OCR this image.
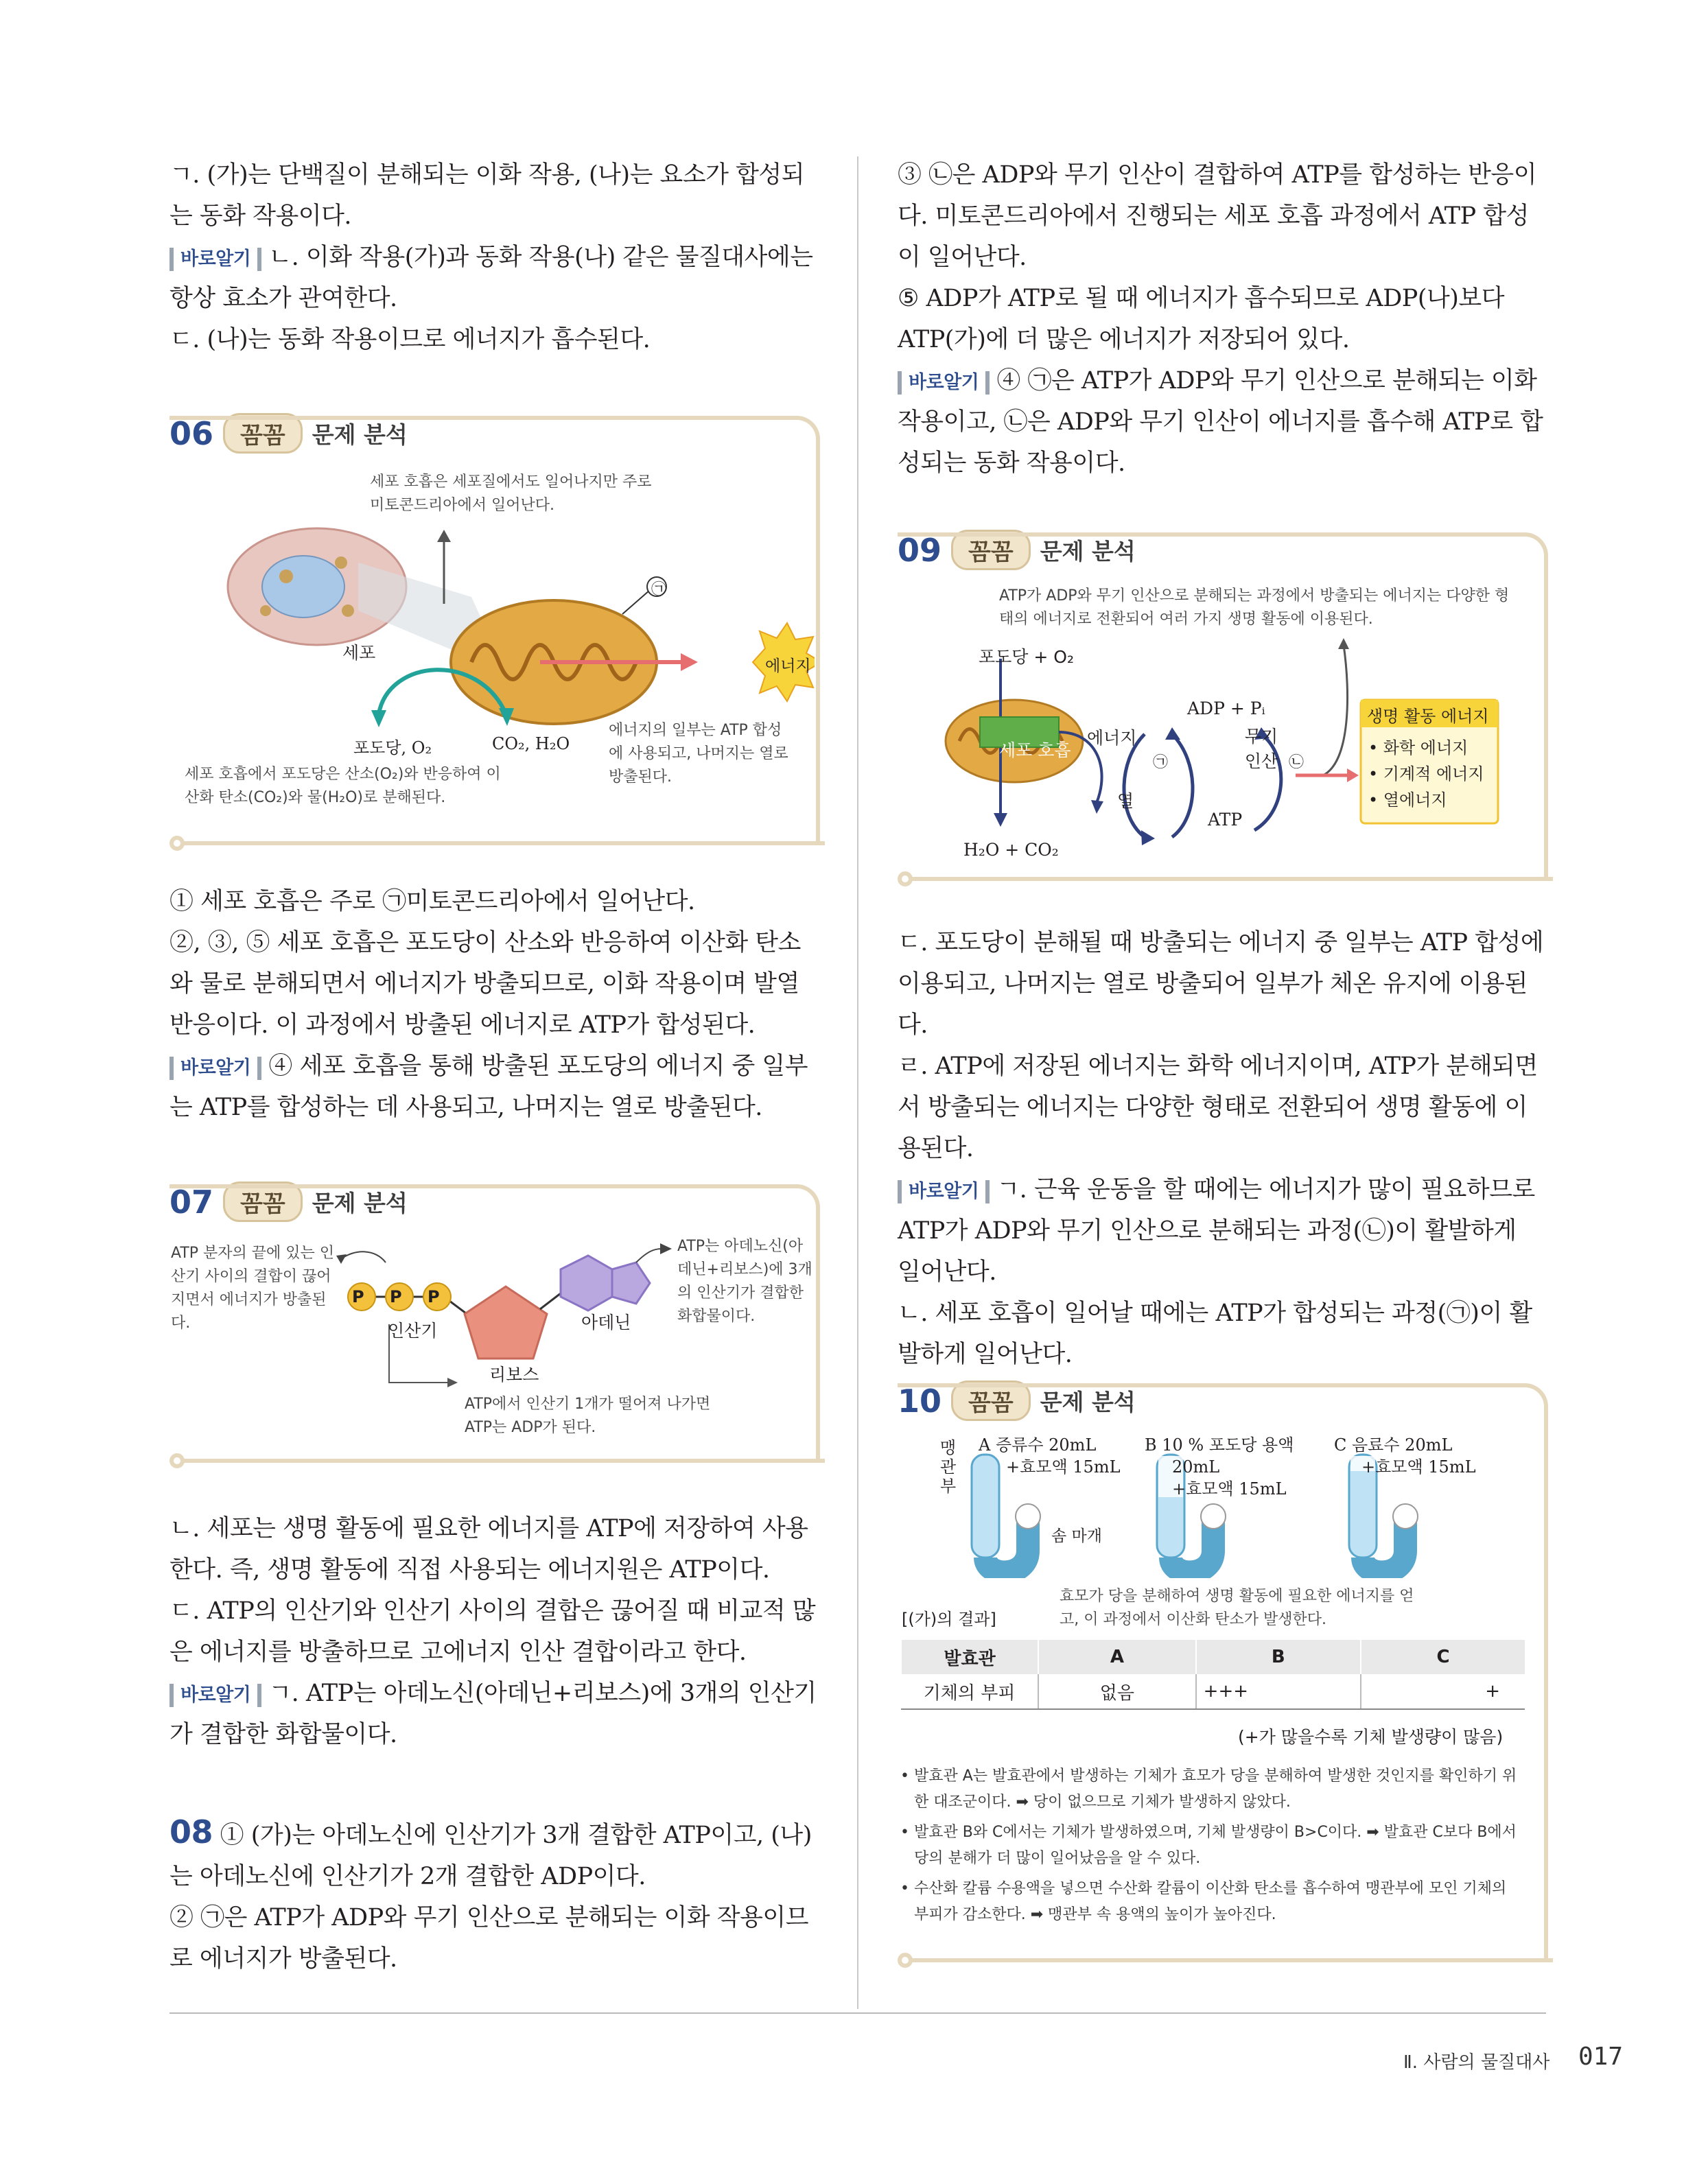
ㄱ. (가)는 단백질이 분해되는 이화 작용, (나)는 요소가 합성되는 동화 작용이다.

바로알기 ㄴ. 이화 작용(가)과 동화 작용(나) 같은 물질대사에는 항상 효소가 관여한다.

ㄷ. (나)는 동화 작용이므로 에너지가 흡수된다.

06	꼼꼼	문제 분석
세포 호흡은 세포질에서도 일어나지만 주로 미토콘드리아에서 일어난다.
세포
㉠
에너지
포도당, O₂	CO₂, H₂O
세포 호흡에서 포도당은 산소(O₂)와 반응하여 이산화 탄소(CO₂)와 물(H₂O)로 분해된다.
에너지의 일부는 ATP 합성에 사용되고, 나머지는 열로 방출된다.

① 세포 호흡은 주로 ㉠미토콘드리아에서 일어난다.

②, ③, ⑤ 세포 호흡은 포도당이 산소와 반응하여 이산화 탄소와 물로 분해되면서 에너지가 방출되므로, 이화 작용이며 발열 반응이다. 이 과정에서 방출된 에너지로 ATP가 합성된다.

바로알기 ④ 세포 호흡을 통해 방출된 포도당의 에너지 중 일부는 ATP를 합성하는 데 사용되고, 나머지는 열로 방출된다.

07	꼼꼼	문제 분석
ATP 분자의 끝에 있는 인산기 사이의 결합이 끊어지면서 에너지가 방출된다.
P P P
인산기
리보스
아데닌
ATP는 아데노신(아데닌+리보스)에 3개의 인산기가 결합한 화합물이다.
ATP에서 인산기 1개가 떨어져 나가면 ATP는 ADP가 된다.

ㄴ. 세포는 생명 활동에 필요한 에너지를 ATP에 저장하여 사용한다. 즉, 생명 활동에 직접 사용되는 에너지원은 ATP이다.

ㄷ. ATP의 인산기와 인산기 사이의 결합은 끊어질 때 비교적 많은 에너지를 방출하므로 고에너지 인산 결합이라고 한다.

바로알기 ㄱ. ATP는 아데노신(아데닌+리보스)에 3개의 인산기가 결합한 화합물이다.

08 ① (가)는 아데노신에 인산기가 3개 결합한 ATP이고, (나)는 아데노신에 인산기가 2개 결합한 ADP이다.

② ㉠은 ATP가 ADP와 무기 인산으로 분해되는 이화 작용이므로 에너지가 방출된다.

③ ㉡은 ADP와 무기 인산이 결합하여 ATP를 합성하는 반응이다. 미토콘드리아에서 진행되는 세포 호흡 과정에서 ATP 합성이 일어난다.

⑤ ADP가 ATP로 될 때 에너지가 흡수되므로 ADP(나)보다 ATP(가)에 더 많은 에너지가 저장되어 있다.

바로알기 ④ ㉠은 ATP가 ADP와 무기 인산으로 분해되는 이화 작용이고, ㉡은 ADP와 무기 인산이 에너지를 흡수해 ATP로 합성되는 동화 작용이다.

09	꼼꼼	문제 분석
ATP가 ADP와 무기 인산으로 분해되는 과정에서 방출되는 에너지는 다양한 형태의 에너지로 전환되어 여러 가지 생명 활동에 이용된다.
포도당 + O₂
세포 호흡
에너지
열
H₂O + CO₂
ADP + Pᵢ
무기 인산
ATP
㉠	㉡
생명 활동 에너지
• 화학 에너지
• 기계적 에너지
• 열에너지

ㄷ. 포도당이 분해될 때 방출되는 에너지 중 일부는 ATP 합성에 이용되고, 나머지는 열로 방출되어 일부가 체온 유지에 이용된다.

ㄹ. ATP에 저장된 에너지는 화학 에너지이며, ATP가 분해되면서 방출되는 에너지는 다양한 형태로 전환되어 생명 활동에 이용된다.

바로알기 ㄱ. 근육 운동을 할 때에는 에너지가 많이 필요하므로 ATP가 ADP와 무기 인산으로 분해되는 과정(㉡)이 활발하게 일어난다.

ㄴ. 세포 호흡이 일어날 때에는 ATP가 합성되는 과정(㉠)이 활발하게 일어난다.

10	꼼꼼	문제 분석
맹관부
A 증류수 20mL
+효모액 15mL
B 10 % 포도당 용액
20mL
+효모액 15mL
C 음료수 20mL
+효모액 15mL
솜 마개
[(가)의 결과]
효모가 당을 분해하여 생명 활동에 필요한 에너지를 얻고, 이 과정에서 이산화 탄소가 발생한다.
발효관	A	B	C
기체의 부피	없음	+++	+
(+가 많을수록 기체 발생량이 많음)

• 발효관 A는 발효관에서 발생하는 기체가 효모가 당을 분해하여 발생한 것인지를 확인하기 위한 대조군이다. ➡ 당이 없으므로 기체가 발생하지 않았다.

• 발효관 B와 C에서는 기체가 발생하였으며, 기체 발생량이 B>C이다. ➡ 발효관 C보다 B에서 당의 분해가 더 많이 일어났음을 알 수 있다.

• 수산화 칼륨 수용액을 넣으면 수산화 칼륨이 이산화 탄소를 흡수하여 맹관부에 모인 기체의 부피가 감소한다. ➡ 맹관부 속 용액의 높이가 높아진다.

Ⅱ. 사람의 물질대사 017
